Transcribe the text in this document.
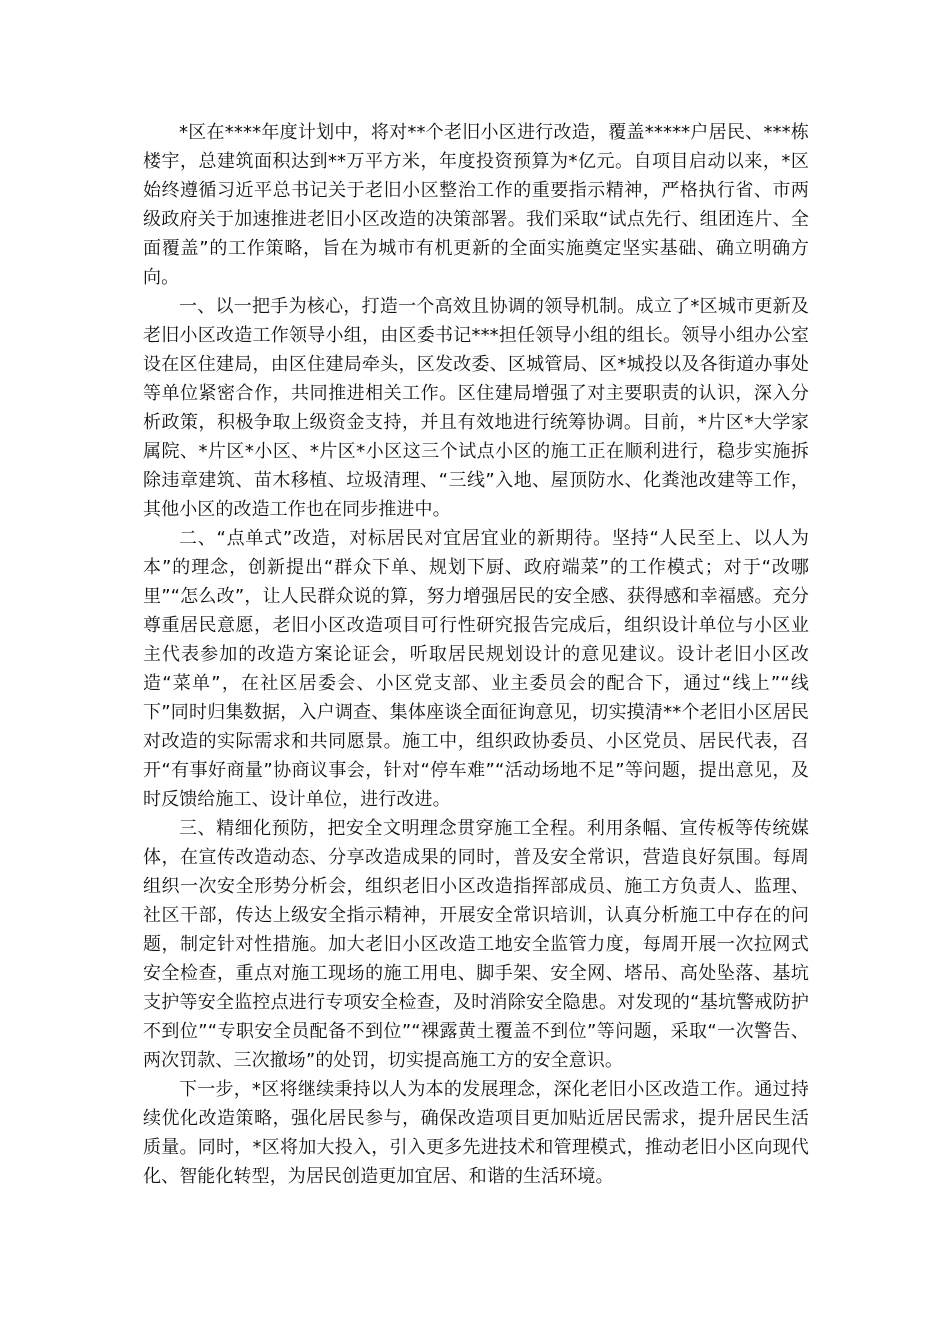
*区在****年度计划中，将对**个老旧小区进行改造，覆盖*****户居民、***栋楼宇，总建筑面积达到**万平方米，年度投资预算为*亿元。自项目启动以来，*区始终遵循习近平总书记关于老旧小区整治工作的重要指示精神，严格执行省、市两级政府关于加速推进老旧小区改造的决策部署。我们采取“试点先行、组团连片、全面覆盖”的工作策略，旨在为城市有机更新的全面实施奠定坚实基础、确立明确方向。

一、以一把手为核心，打造一个高效且协调的领导机制。成立了*区城市更新及老旧小区改造工作领导小组，由区委书记***担任领导小组的组长。领导小组办公室设在区住建局，由区住建局牵头，区发改委、区城管局、区*城投以及各街道办事处等单位紧密合作，共同推进相关工作。区住建局增强了对主要职责的认识，深入分析政策，积极争取上级资金支持，并且有效地进行统筹协调。目前，*片区*大学家属院、*片区*小区、*片区*小区这三个试点小区的施工正在顺利进行，稳步实施拆除违章建筑、苗木移植、垃圾清理、“三线”入地、屋顶防水、化粪池改建等工作，其他小区的改造工作也在同步推进中。

二、“点单式”改造，对标居民对宜居宜业的新期待。坚持“人民至上、以人为本”的理念，创新提出“群众下单、规划下厨、政府端菜”的工作模式；对于“改哪里”“怎么改”，让人民群众说的算，努力增强居民的安全感、获得感和幸福感。充分尊重居民意愿，老旧小区改造项目可行性研究报告完成后，组织设计单位与小区业主代表参加的改造方案论证会，听取居民规划设计的意见建议。设计老旧小区改造“菜单”，在社区居委会、小区党支部、业主委员会的配合下，通过“线上”“线下”同时归集数据，入户调查、集体座谈全面征询意见，切实摸清**个老旧小区居民对改造的实际需求和共同愿景。施工中，组织政协委员、小区党员、居民代表，召开“有事好商量”协商议事会，针对“停车难”“活动场地不足”等问题，提出意见，及时反馈给施工、设计单位，进行改进。

三、精细化预防，把安全文明理念贯穿施工全程。利用条幅、宣传板等传统媒体，在宣传改造动态、分享改造成果的同时，普及安全常识，营造良好氛围。每周组织一次安全形势分析会，组织老旧小区改造指挥部成员、施工方负责人、监理、社区干部，传达上级安全指示精神，开展安全常识培训，认真分析施工中存在的问题，制定针对性措施。加大老旧小区改造工地安全监管力度，每周开展一次拉网式安全检查，重点对施工现场的施工用电、脚手架、安全网、塔吊、高处坠落、基坑支护等安全监控点进行专项安全检查，及时消除安全隐患。对发现的“基坑警戒防护不到位”“专职安全员配备不到位”“裸露黄土覆盖不到位”等问题，采取“一次警告、两次罚款、三次撤场”的处罚，切实提高施工方的安全意识。

下一步，*区将继续秉持以人为本的发展理念，深化老旧小区改造工作。通过持续优化改造策略，强化居民参与，确保改造项目更加贴近居民需求，提升居民生活质量。同时，*区将加大投入，引入更多先进技术和管理模式，推动老旧小区向现代化、智能化转型，为居民创造更加宜居、和谐的生活环境。
